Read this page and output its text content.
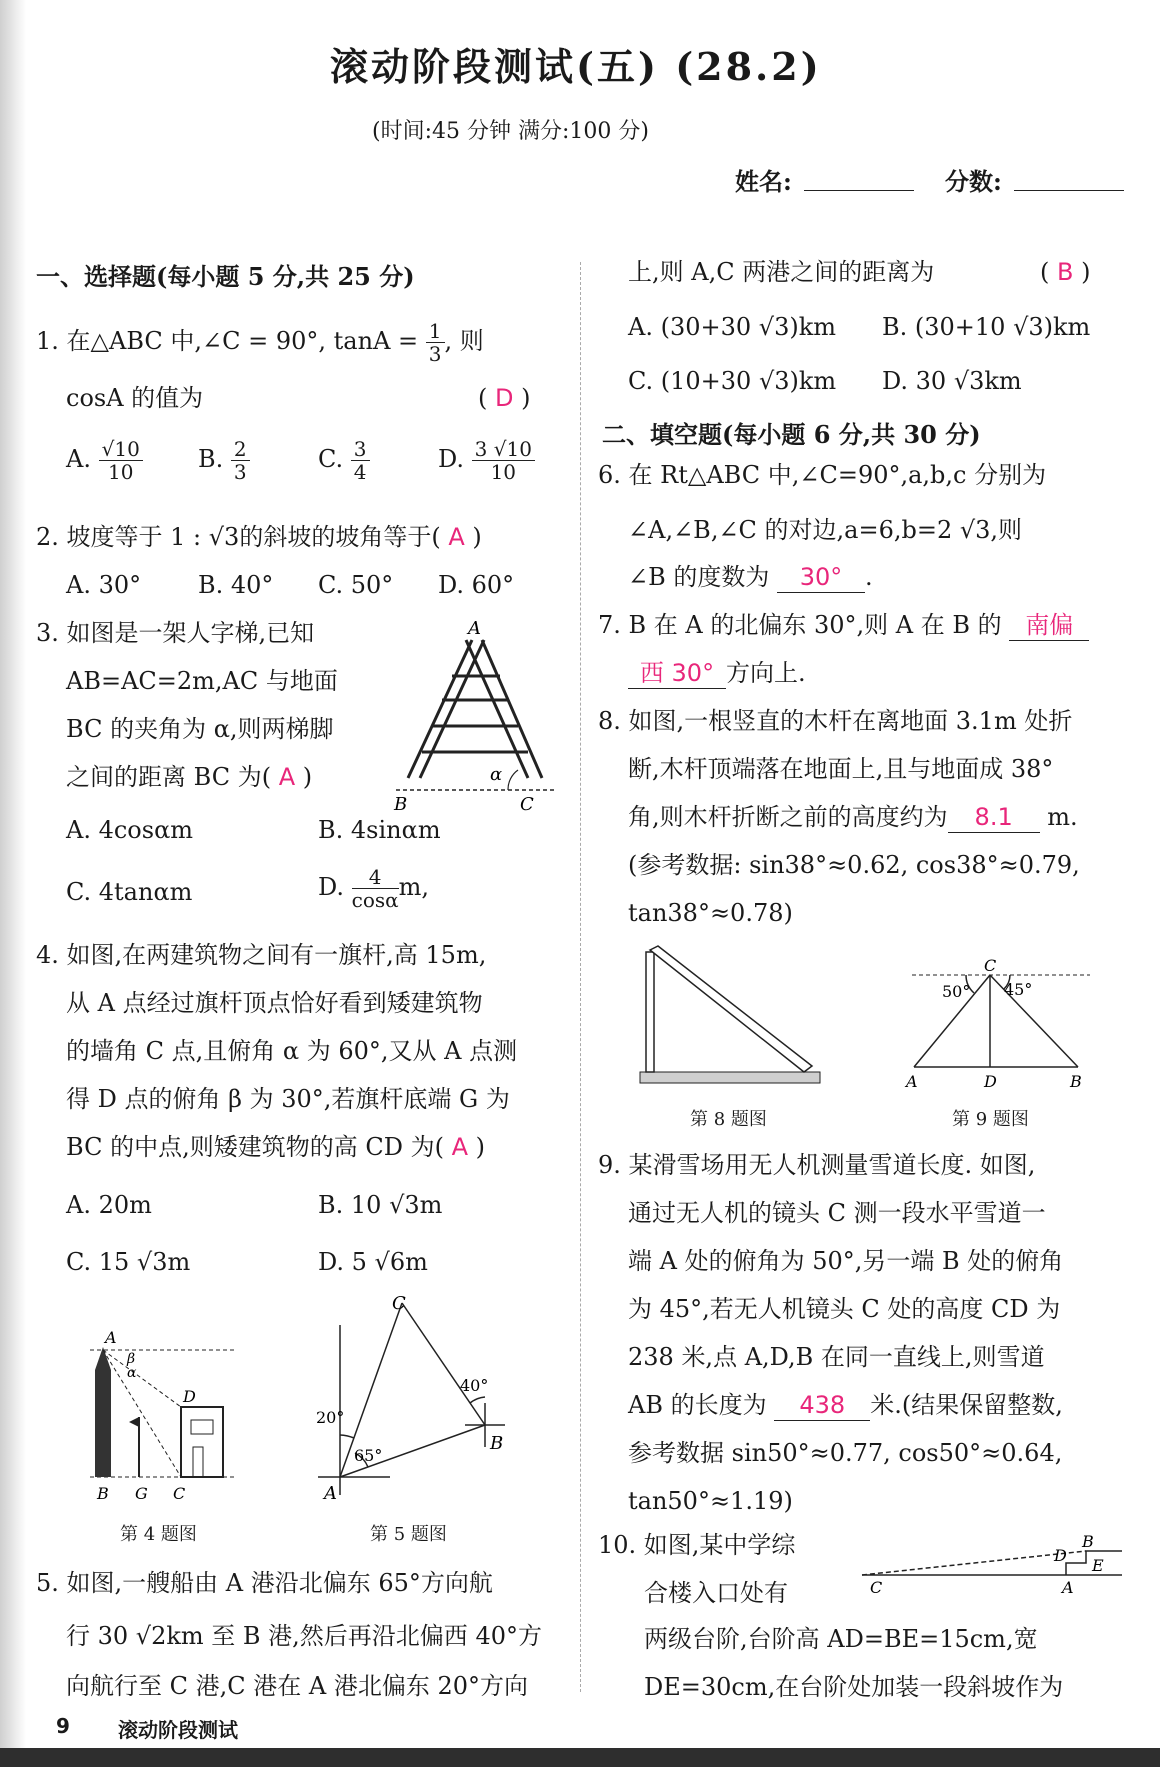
滚动阶段测试(五) (28.2)
(时间:45 分钟 满分:100 分)
姓名:	分数:
一、选择题(每小题 5 分,共 25 分)
1. 在△ABC 中,∠C = 90°, $\tan A = \frac{1}{3}$ , 则
cosA 的值为	( D )
A. $\frac{√10}{10} B$. $\frac{2}{3}$	C. $\frac{3}{4}$	D. $\frac{3 √10}{10}$
2. 坡度等于 1 : √3的斜坡的坡角等于( A )
A. 30° B. 40° C. 50° D. 60°
3. 如图是一架人字梯,已知
AB=AC=2m,AC 与地面
BC 的夹角为 α,则两梯脚
之间的距离 BC 为( A )
A
B	C
α
A. 4cosαm	B. 4sinαm
C. 4tanαm	D. $\frac{4}{\cos\alpha} m$,
4. 如图,在两建筑物之间有一旗杆,高 15m,
从 A 点经过旗杆顶点恰好看到矮建筑物
的墙角 C 点,且俯角 α 为 60°,又从 A 点测
得 D 点的俯角 β 为 30°,若旗杆底端 G 为
BC 的中点,则矮建筑物的高 CD 为( A )
A. 20m	B. 10 √3m
C. 15 √3m	D. 5 √6m
A
β
α
D
B G C
第 4 题图
C
B
A
20°
65°
40°
第 5 题图
5. 如图,一艘船由 A 港沿北偏东 65°方向航
行 30 √2km 至 B 港,然后再沿北偏西 40°方
向航行至 C 港,C 港在 A 港北偏东 20°方向
上,则 A,C 两港之间的距离为	( B )
A. (30+30 √3)km B. (30+10 √3)km
C. (10+30 √3)km D. 30 √3km
二、填空题(每小题 6 分,共 30 分)
6. 在 Rt△ABC 中,∠C=90°,a,b,c 分别为
∠A,∠B,∠C 的对边,a=6,b=2 √3,则
∠B 的度数为 30° .
7. B 在 A 的北偏东 30°,则 A 在 B 的 南偏
西 30° 方向上.
8. 如图,一根竖直的木杆在离地面 3.1m 处折
断,木杆顶端落在地面上,且与地面成 38°
角,则木杆折断之前的高度约为 8.1 m.
(参考数据: sin38°≈0.62, cos38°≈0.79,
tan38°≈0.78)
第 8 题图
C
50° 45°
A	D	B
第 9 题图
9. 某滑雪场用无人机测量雪道长度. 如图,
通过无人机的镜头 C 测一段水平雪道一
端 A 处的俯角为 50°,另一端 B 处的俯角
为 45°,若无人机镜头 C 处的高度 CD 为
238 米,点 A,D,B 在同一直线上,则雪道
AB 的长度为 438 米.(结果保留整数,
参考数据 sin50°≈0.77, cos50°≈0.64,
tan50°≈1.19)
10. 如图,某中学综
合楼入口处有
两级台阶,台阶高 AD=BE=15cm,宽
DE=30cm,在台阶处加装一段斜坡作为
B
D
E
C	A
9 滚动阶段测试
